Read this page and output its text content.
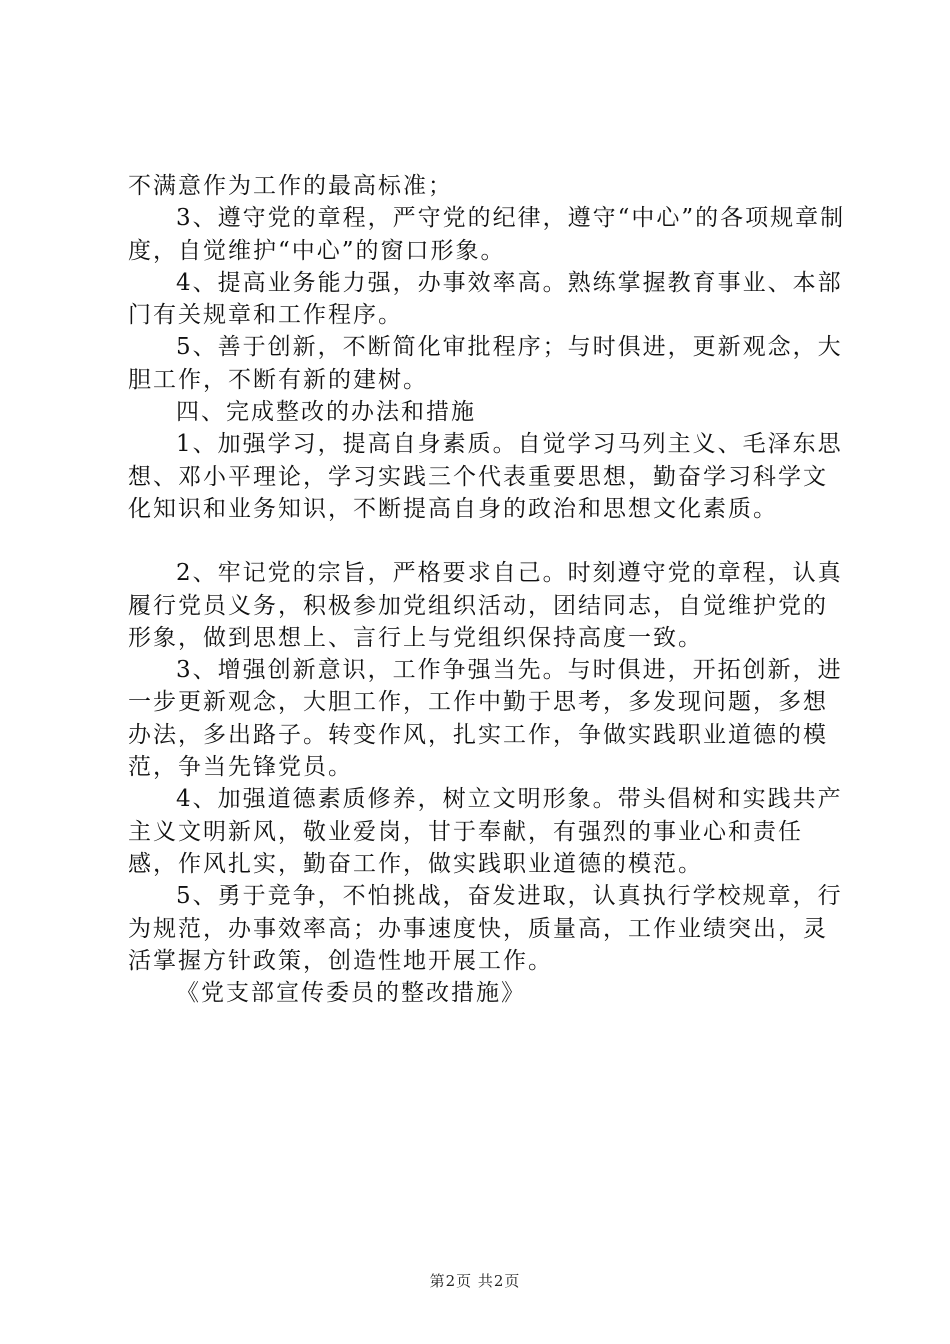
不满意作为工作的最高标准；

3、遵守党的章程，严守党的纪律，遵守“中心”的各项规章制度，自觉维护“中心”的窗口形象。

4、提高业务能力强，办事效率高。熟练掌握教育事业、本部门有关规章和工作程序。

5、善于创新，不断简化审批程序；与时俱进，更新观念，大胆工作，不断有新的建树。

四、完成整改的办法和措施

1、加强学习，提高自身素质。自觉学习马列主义、毛泽东思想、邓小平理论，学习实践三个代表重要思想，勤奋学习科学文化知识和业务知识，不断提高自身的政治和思想文化素质。

2、牢记党的宗旨，严格要求自己。时刻遵守党的章程，认真履行党员义务，积极参加党组织活动，团结同志，自觉维护党的形象，做到思想上、言行上与党组织保持高度一致。

3、增强创新意识，工作争强当先。与时俱进，开拓创新，进一步更新观念，大胆工作，工作中勤于思考，多发现问题，多想办法，多出路子。转变作风，扎实工作，争做实践职业道德的模范，争当先锋党员。

4、加强道德素质修养，树立文明形象。带头倡树和实践共产主义文明新风，敬业爱岗，甘于奉献，有强烈的事业心和责任感，作风扎实，勤奋工作，做实践职业道德的模范。

5、勇于竞争，不怕挑战，奋发进取，认真执行学校规章，行为规范，办事效率高；办事速度快，质量高，工作业绩突出，灵活掌握方针政策，创造性地开展工作。

《党支部宣传委员的整改措施》

第2页 共2页
